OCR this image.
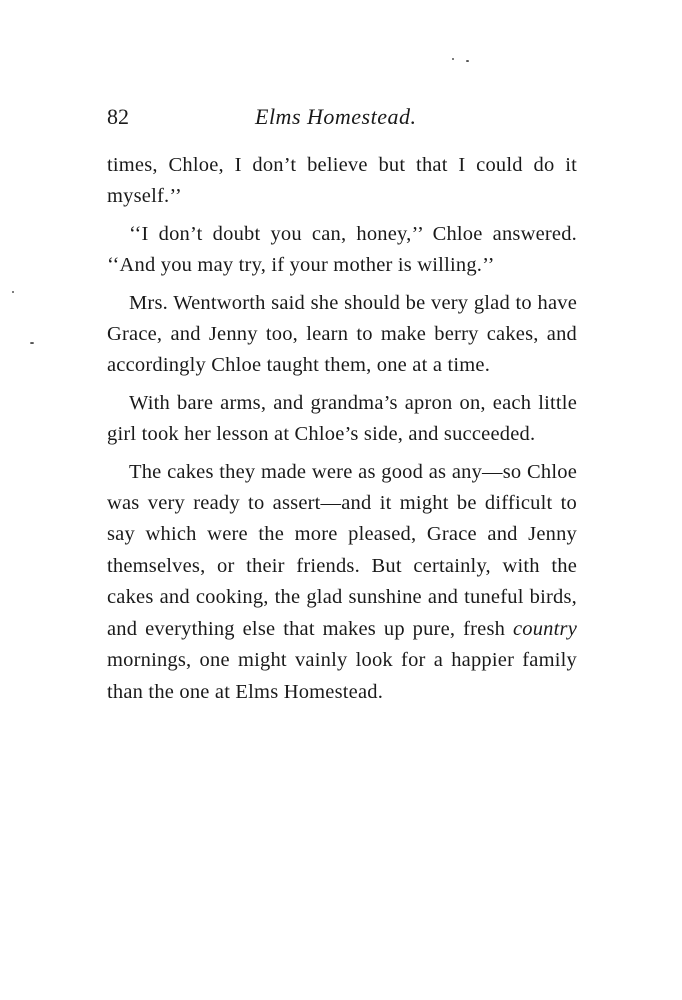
82	Elms Homestead.

times, Chloe, I don’t believe but that I could do it myself.’’

‘‘I don’t doubt you can, honey,’’ Chloe answered. ‘‘And you may try, if your mother is willing.’’

Mrs. Wentworth said she should be very glad to have Grace, and Jenny too, learn to make berry cakes, and accordingly Chloe taught them, one at a time.

With bare arms, and grandma’s apron on, each little girl took her lesson at Chloe’s side, and succeeded.

The cakes they made were as good as any—so Chloe was very ready to assert—and it might be difficult to say which were the more pleased, Grace and Jenny themselves, or their friends. But certainly, with the cakes and cooking, the glad sunshine and tuneful birds, and everything else that makes up pure, fresh country mornings, one might vainly look for a happier family than the one at Elms Homestead.
